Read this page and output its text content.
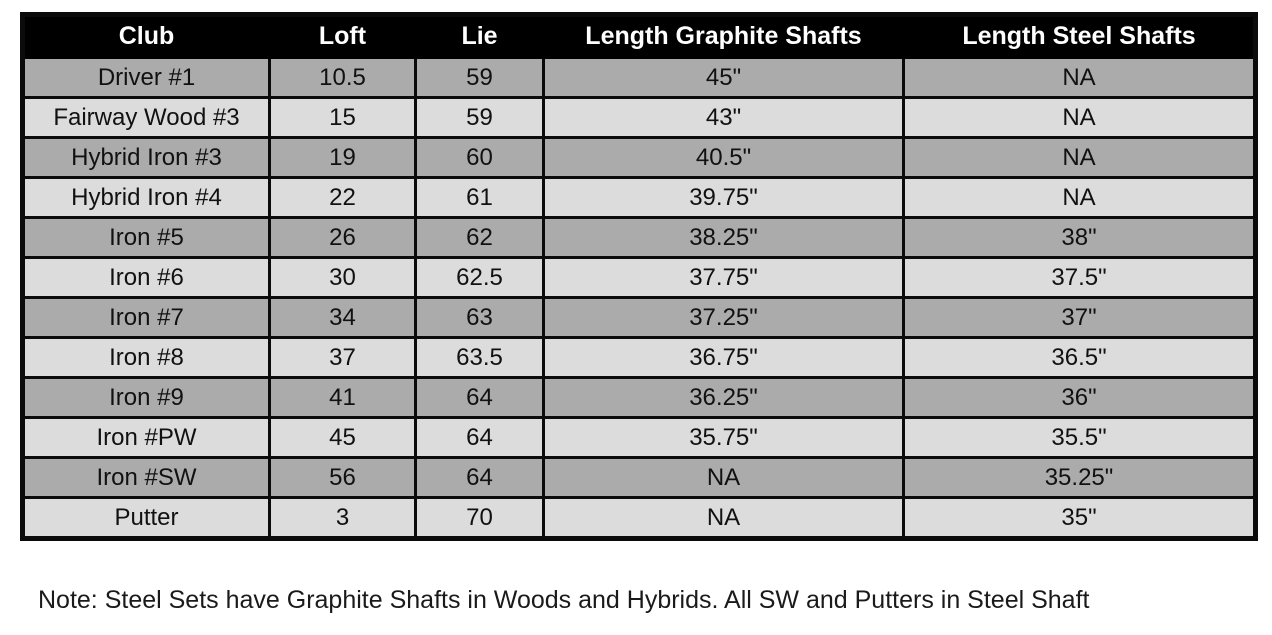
Club	Loft	Lie	Length Graphite Shafts	Length Steel Shafts
Driver #1	10.5	59	45"	NA
Fairway Wood #3	15	59	43"	NA
Hybrid Iron #3	19	60	40.5"	NA
Hybrid Iron #4	22	61	39.75"	NA
Iron #5	26	62	38.25"	38"
Iron #6	30	62.5	37.75"	37.5"
Iron #7	34	63	37.25"	37"
Iron #8	37	63.5	36.75"	36.5"
Iron #9	41	64	36.25"	36"
Iron #PW	45	64	35.75"	35.5"
Iron #SW	56	64	NA	35.25"
Putter	3	70	NA	35"
Note: Steel Sets have Graphite Shafts in Woods and Hybrids. All SW and Putters in Steel Shaft
